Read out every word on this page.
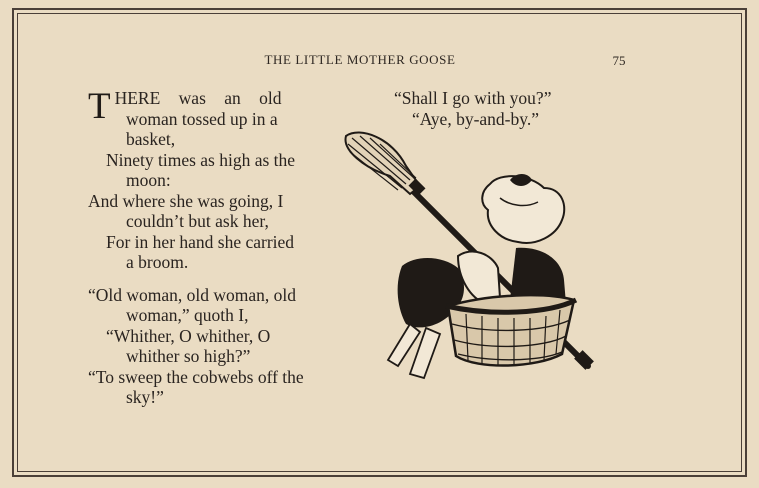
THE LITTLE MOTHER GOOSE	75
T HERE was an old
woman tossed up in a
basket,
Ninety times as high as the
moon:
And where she was going, I
couldn’t but ask her,
For in her hand she carried
a broom.
“Old woman, old woman, old
woman,” quoth I,
“Whither, O whither, O
whither so high?”
“To sweep the cobwebs off the
sky!”
“Shall I go with you?”
“Aye, by-and-by.”
